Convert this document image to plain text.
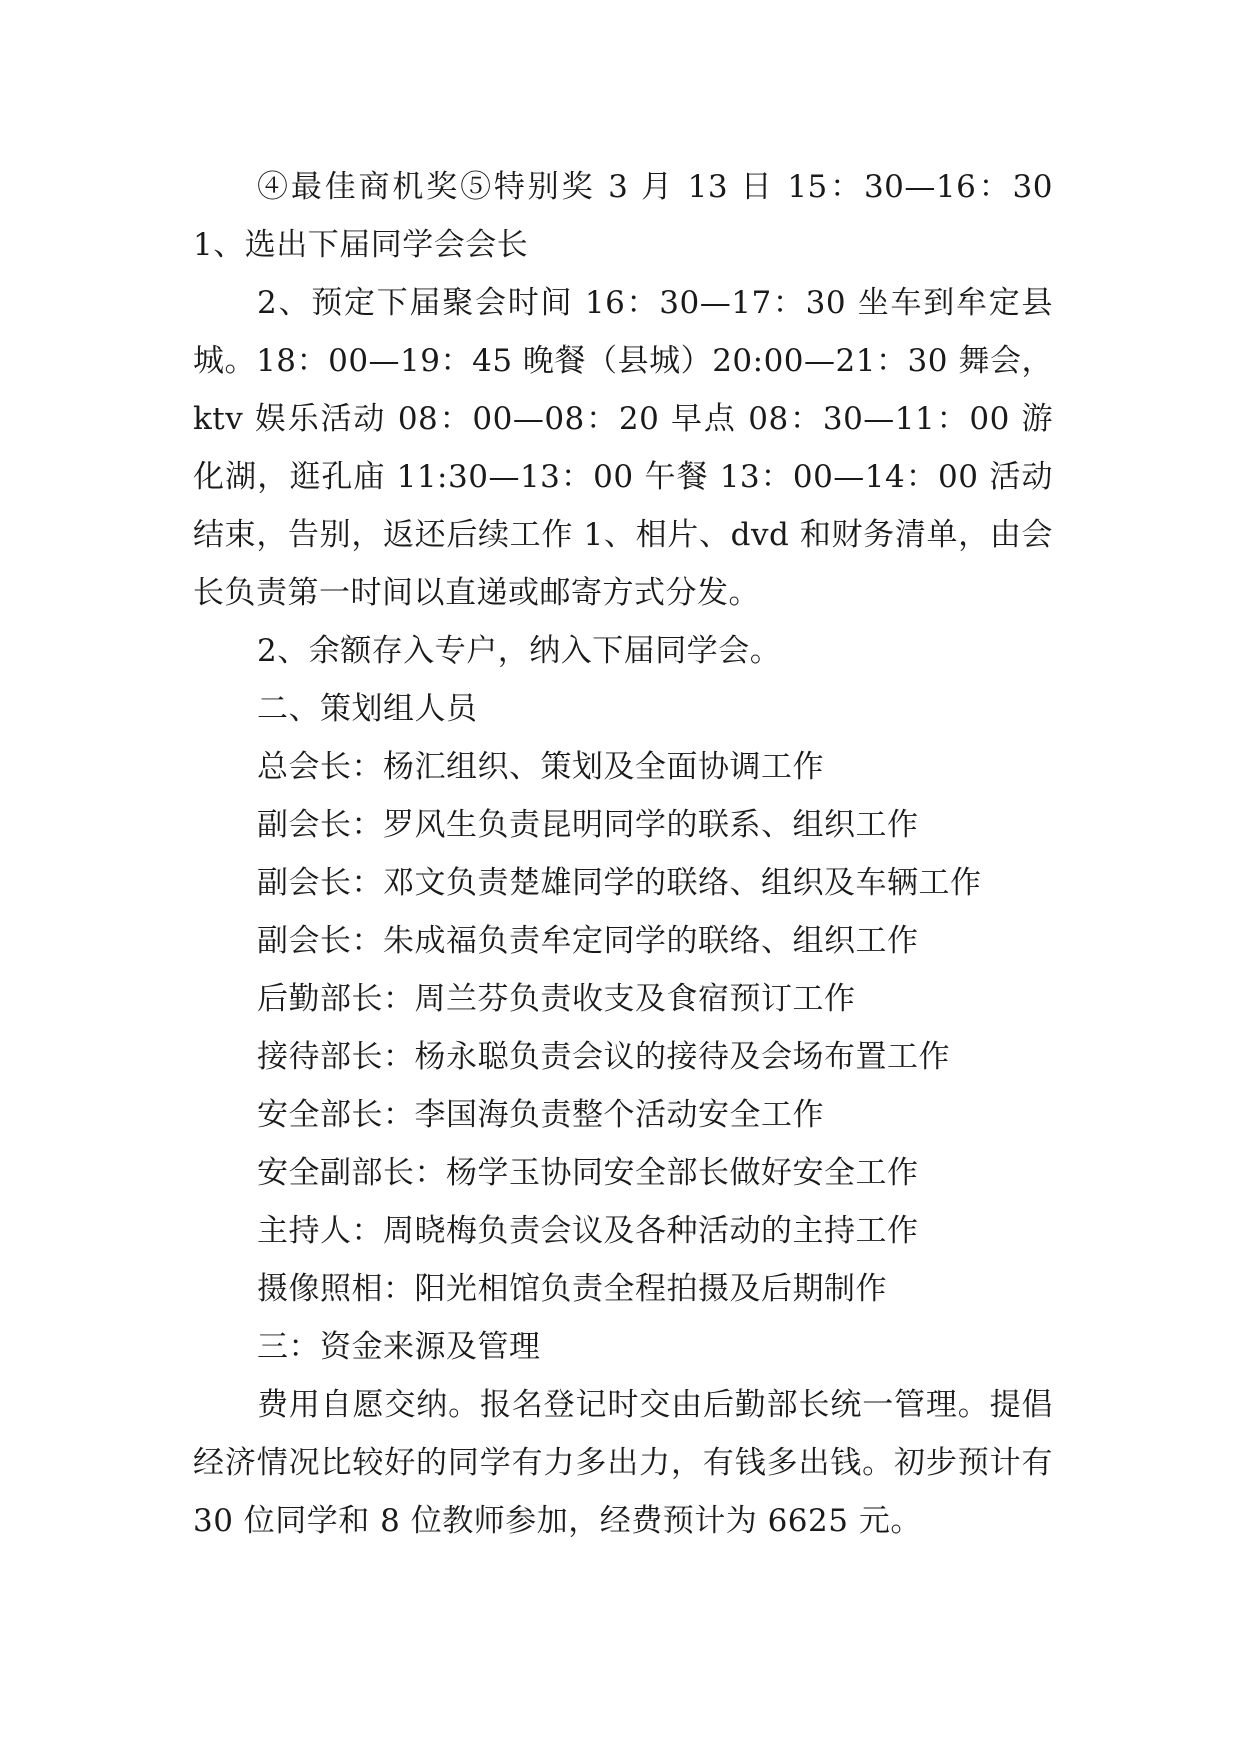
④最佳商机奖⑤特别奖 3 月 13 日 15：30—16：301、选出下届同学会会长

2、预定下届聚会时间 16：30—17：30 坐车到牟定县城。18：00—19：45 晚餐（县城）20:00—21：30 舞会，ktv 娱乐活动 08：00—08：20 早点 08：30—11：00 游化湖，逛孔庙 11:30—13：00 午餐 13：00—14：00 活动结束，告别，返还后续工作 1、相片、dvd 和财务清单，由会长负责第一时间以直递或邮寄方式分发。

2、余额存入专户，纳入下届同学会。

二、策划组人员

总会长：杨汇组织、策划及全面协调工作

副会长：罗风生负责昆明同学的联系、组织工作

副会长：邓文负责楚雄同学的联络、组织及车辆工作

副会长：朱成福负责牟定同学的联络、组织工作

后勤部长：周兰芬负责收支及食宿预订工作

接待部长：杨永聪负责会议的接待及会场布置工作

安全部长：李国海负责整个活动安全工作

安全副部长：杨学玉协同安全部长做好安全工作

主持人：周晓梅负责会议及各种活动的主持工作

摄像照相：阳光相馆负责全程拍摄及后期制作

三：资金来源及管理

费用自愿交纳。报名登记时交由后勤部长统一管理。提倡经济情况比较好的同学有力多出力，有钱多出钱。初步预计有 30 位同学和 8 位教师参加，经费预计为 6625 元。
